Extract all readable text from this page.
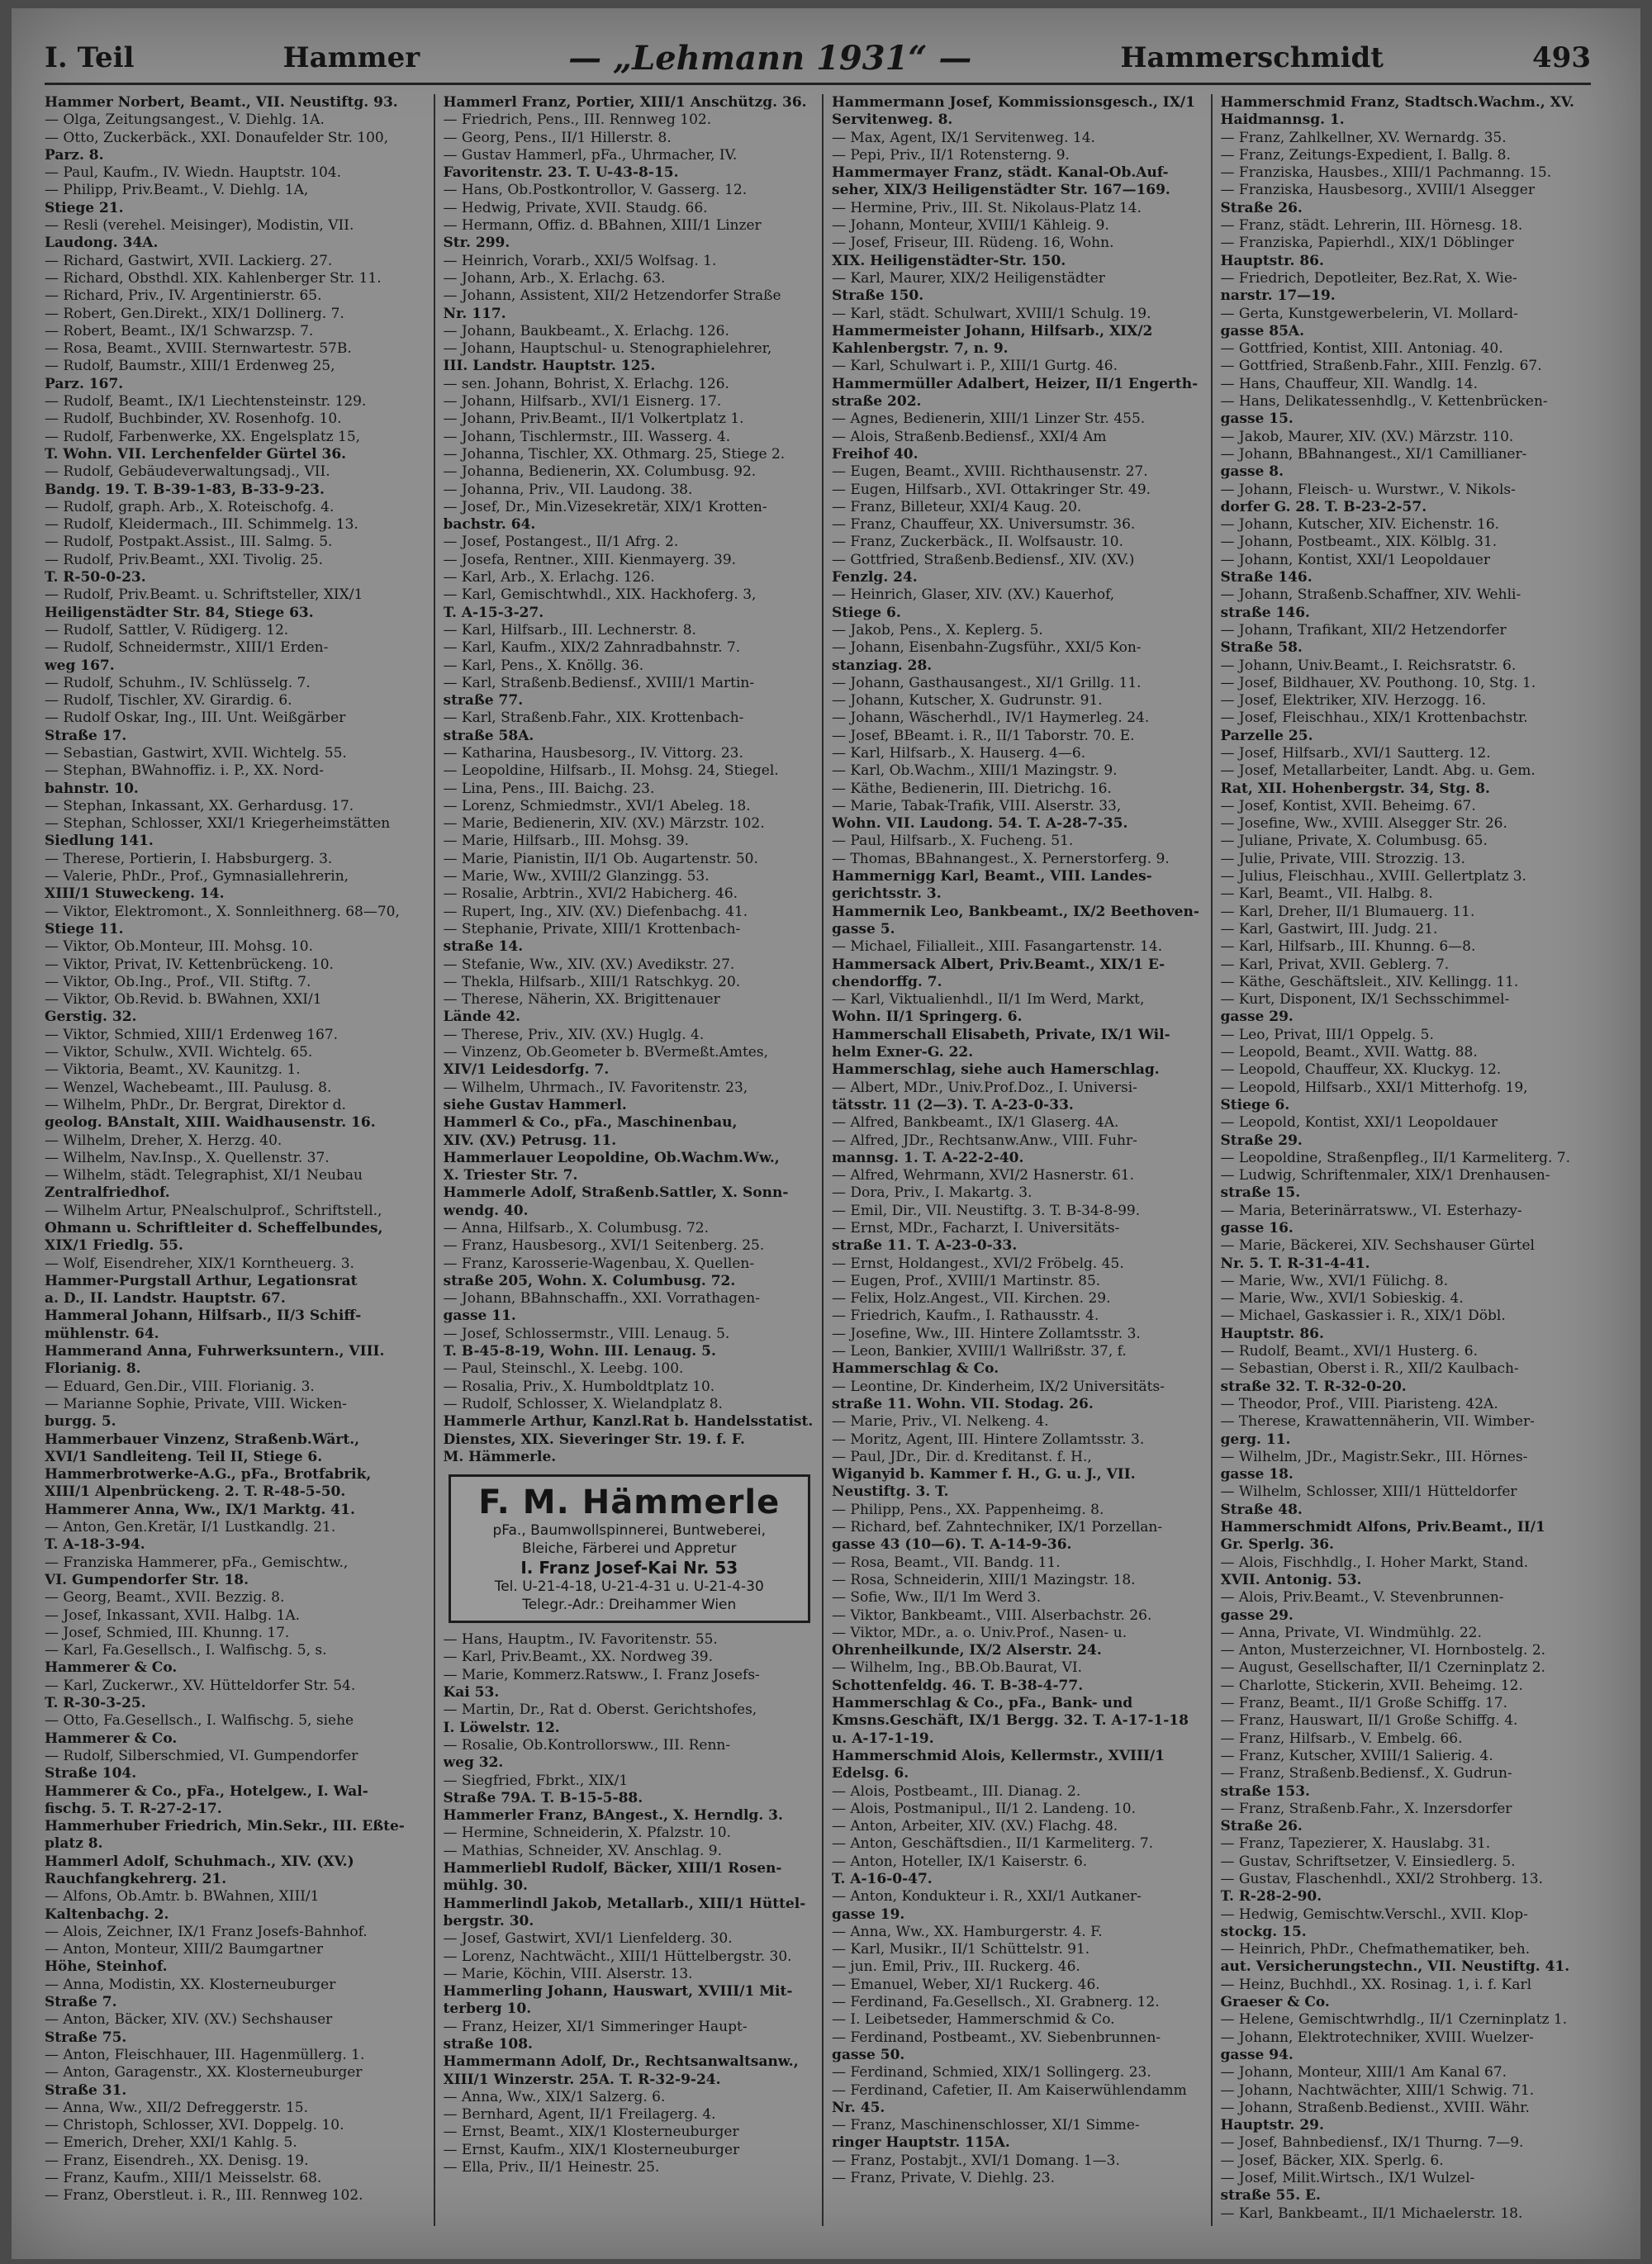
I. Teil	Hammer	— „Lehmann 1931“ —	Hammerschmidt	493
Hammer Norbert, Beamt., VII. Neustiftg. 93.
— Olga, Zeitungsangest., V. Diehlg. 1A.
— Otto, Zuckerbäck., XXI. Donaufelder Str. 100,
Parz. 8.
— Paul, Kaufm., IV. Wiedn. Hauptstr. 104.
— Philipp, Priv.Beamt., V. Diehlg. 1A,
Stiege 21.
— Resli (verehel. Meisinger), Modistin, VII.
Laudong. 34A.
— Richard, Gastwirt, XVII. Lackierg. 27.
— Richard, Obsthdl. XIX. Kahlenberger Str. 11.
— Richard, Priv., IV. Argentinierstr. 65.
— Robert, Gen.Direkt., XIX/1 Dollinerg. 7.
— Robert, Beamt., IX/1 Schwarzsp. 7.
— Rosa, Beamt., XVIII. Sternwartestr. 57B.
— Rudolf, Baumstr., XIII/1 Erdenweg 25,
Parz. 167.
— Rudolf, Beamt., IX/1 Liechtensteinstr. 129.
— Rudolf, Buchbinder, XV. Rosenhofg. 10.
— Rudolf, Farbenwerke, XX. Engelsplatz 15,
T. Wohn. VII. Lerchenfelder Gürtel 36.
— Rudolf, Gebäudeverwaltungsadj., VII.
Bandg. 19. T. B-39-1-83, B-33-9-23.
— Rudolf, graph. Arb., X. Roteischofg. 4.
— Rudolf, Kleidermach., III. Schimmelg. 13.
— Rudolf, Postpakt.Assist., III. Salmg. 5.
— Rudolf, Priv.Beamt., XXI. Tivolig. 25.
T. R-50-0-23.
— Rudolf, Priv.Beamt. u. Schriftsteller, XIX/1
Heiligenstädter Str. 84, Stiege 63.
— Rudolf, Sattler, V. Rüdigerg. 12.
— Rudolf, Schneidermstr., XIII/1 Erden-
weg 167.
— Rudolf, Schuhm., IV. Schlüsselg. 7.
— Rudolf, Tischler, XV. Girardig. 6.
— Rudolf Oskar, Ing., III. Unt. Weißgärber
Straße 17.
— Sebastian, Gastwirt, XVII. Wichtelg. 55.
— Stephan, BWahnoffiz. i. P., XX. Nord-
bahnstr. 10.
— Stephan, Inkassant, XX. Gerhardusg. 17.
— Stephan, Schlosser, XXI/1 Kriegerheimstätten
Siedlung 141.
— Therese, Portierin, I. Habsburgerg. 3.
— Valerie, PhDr., Prof., Gymnasiallehrerin,
XIII/1 Stuweckeng. 14.
— Viktor, Elektromont., X. Sonnleithnerg. 68—70,
Stiege 11.
— Viktor, Ob.Monteur, III. Mohsg. 10.
— Viktor, Privat, IV. Kettenbrückeng. 10.
— Viktor, Ob.Ing., Prof., VII. Stiftg. 7.
— Viktor, Ob.Revid. b. BWahnen, XXI/1
Gerstig. 32.
— Viktor, Schmied, XIII/1 Erdenweg 167.
— Viktor, Schulw., XVII. Wichtelg. 65.
— Viktoria, Beamt., XV. Kaunitzg. 1.
— Wenzel, Wachebeamt., III. Paulusg. 8.
— Wilhelm, PhDr., Dr. Bergrat, Direktor d.
geolog. BAnstalt, XIII. Waidhausenstr. 16.
— Wilhelm, Dreher, X. Herzg. 40.
— Wilhelm, Nav.Insp., X. Quellenstr. 37.
— Wilhelm, städt. Telegraphist, XI/1 Neubau
Zentralfriedhof.
— Wilhelm Artur, PNealschulprof., Schriftstell.,
Ohmann u. Schriftleiter d. Scheffelbundes,
XIX/1 Friedlg. 55.
— Wolf, Eisendreher, XIX/1 Korntheuerg. 3.
Hammer-Purgstall Arthur, Legationsrat
a. D., II. Landstr. Hauptstr. 67.
Hammeral Johann, Hilfsarb., II/3 Schiff-
mühlenstr. 64.
Hammerand Anna, Fuhrwerksuntern., VIII.
Florianig. 8.
— Eduard, Gen.Dir., VIII. Florianig. 3.
— Marianne Sophie, Private, VIII. Wicken-
burgg. 5.
Hammerbauer Vinzenz, Straßenb.Wärt.,
XVI/1 Sandleiteng. Teil II, Stiege 6.
Hammerbrotwerke-A.G., pFa., Brotfabrik,
XIII/1 Alpenbrückeng. 2. T. R-48-5-50.
Hammerer Anna, Ww., IX/1 Marktg. 41.
— Anton, Gen.Kretär, I/1 Lustkandlg. 21.
T. A-18-3-94.
— Franziska Hammerer, pFa., Gemischtw.,
VI. Gumpendorfer Str. 18.
— Georg, Beamt., XVII. Bezzig. 8.
— Josef, Inkassant, XVII. Halbg. 1A.
— Josef, Schmied, III. Khunng. 17.
— Karl, Fa.Gesellsch., I. Walfischg. 5, s.
Hammerer & Co.
— Karl, Zuckerwr., XV. Hütteldorfer Str. 54.
T. R-30-3-25.
— Otto, Fa.Gesellsch., I. Walfischg. 5, siehe
Hammerer & Co.
— Rudolf, Silberschmied, VI. Gumpendorfer
Straße 104.
Hammerer & Co., pFa., Hotelgew., I. Wal-
fischg. 5. T. R-27-2-17.
Hammerhuber Friedrich, Min.Sekr., III. Eßte-
platz 8.
Hammerl Adolf, Schuhmach., XIV. (XV.)
Rauchfangkehrerg. 21.
— Alfons, Ob.Amtr. b. BWahnen, XIII/1
Kaltenbachg. 2.
— Alois, Zeichner, IX/1 Franz Josefs-Bahnhof.
— Anton, Monteur, XIII/2 Baumgartner
Höhe, Steinhof.
— Anna, Modistin, XX. Klosterneuburger
Straße 7.
— Anton, Bäcker, XIV. (XV.) Sechshauser
Straße 75.
— Anton, Fleischhauer, III. Hagenmüllerg. 1.
— Anton, Garagenstr., XX. Klosterneuburger
Straße 31.
— Anna, Ww., XII/2 Defreggerstr. 15.
— Christoph, Schlosser, XVI. Doppelg. 10.
— Emerich, Dreher, XXI/1 Kahlg. 5.
— Franz, Eisendreh., XX. Denisg. 19.
— Franz, Kaufm., XIII/1 Meisselstr. 68.
— Franz, Oberstleut. i. R., III. Rennweg 102.
Hammerl Franz, Portier, XIII/1 Anschützg. 36.
— Friedrich, Pens., III. Rennweg 102.
— Georg, Pens., II/1 Hillerstr. 8.
— Gustav Hammerl, pFa., Uhrmacher, IV.
Favoritenstr. 23. T. U-43-8-15.
— Hans, Ob.Postkontrollor, V. Gasserg. 12.
— Hedwig, Private, XVII. Staudg. 66.
— Hermann, Offiz. d. BBahnen, XIII/1 Linzer
Str. 299.
— Heinrich, Vorarb., XXI/5 Wolfsag. 1.
— Johann, Arb., X. Erlachg. 63.
— Johann, Assistent, XII/2 Hetzendorfer Straße
Nr. 117.
— Johann, Baukbeamt., X. Erlachg. 126.
— Johann, Hauptschul- u. Stenographielehrer,
III. Landstr. Hauptstr. 125.
— sen. Johann, Bohrist, X. Erlachg. 126.
— Johann, Hilfsarb., XVI/1 Eisnerg. 17.
— Johann, Priv.Beamt., II/1 Volkertplatz 1.
— Johann, Tischlermstr., III. Wasserg. 4.
— Johanna, Tischler, XX. Othmarg. 25, Stiege 2.
— Johanna, Bedienerin, XX. Columbusg. 92.
— Johanna, Priv., VII. Laudong. 38.
— Josef, Dr., Min.Vizesekretär, XIX/1 Krotten-
bachstr. 64.
— Josef, Postangest., II/1 Afrg. 2.
— Josefa, Rentner., XIII. Kienmayerg. 39.
— Karl, Arb., X. Erlachg. 126.
— Karl, Gemischtwhdl., XIX. Hackhoferg. 3,
T. A-15-3-27.
— Karl, Hilfsarb., III. Lechnerstr. 8.
— Karl, Kaufm., XIX/2 Zahnradbahnstr. 7.
— Karl, Pens., X. Knöllg. 36.
— Karl, Straßenb.Bediensf., XVIII/1 Martin-
straße 77.
— Karl, Straßenb.Fahr., XIX. Krottenbach-
straße 58A.
— Katharina, Hausbesorg., IV. Vittorg. 23.
— Leopoldine, Hilfsarb., II. Mohsg. 24, Stiegel.
— Lina, Pens., III. Baichg. 23.
— Lorenz, Schmiedmstr., XVI/1 Abeleg. 18.
— Marie, Bedienerin, XIV. (XV.) Märzstr. 102.
— Marie, Hilfsarb., III. Mohsg. 39.
— Marie, Pianistin, II/1 Ob. Augartenstr. 50.
— Marie, Ww., XVIII/2 Glanzingg. 53.
— Rosalie, Arbtrin., XVI/2 Habicherg. 46.
— Rupert, Ing., XIV. (XV.) Diefenbachg. 41.
— Stephanie, Private, XIII/1 Krottenbach-
straße 14.
— Stefanie, Ww., XIV. (XV.) Avedikstr. 27.
— Thekla, Hilfsarb., XIII/1 Ratschkyg. 20.
— Therese, Näherin, XX. Brigittenauer
Lände 42.
— Therese, Priv., XIV. (XV.) Huglg. 4.
— Vinzenz, Ob.Geometer b. BVermeßt.Amtes,
XIV/1 Leidesdorfg. 7.
— Wilhelm, Uhrmach., IV. Favoritenstr. 23,
siehe Gustav Hammerl.
Hammerl & Co., pFa., Maschinenbau,
XIV. (XV.) Petrusg. 11.
Hammerlauer Leopoldine, Ob.Wachm.Ww.,
X. Triester Str. 7.
Hammerle Adolf, Straßenb.Sattler, X. Sonn-
wendg. 40.
— Anna, Hilfsarb., X. Columbusg. 72.
— Franz, Hausbesorg., XVI/1 Seitenberg. 25.
— Franz, Karosserie-Wagenbau, X. Quellen-
straße 205, Wohn. X. Columbusg. 72.
— Johann, BBahnschaffn., XXI. Vorrathagen-
gasse 11.
— Josef, Schlossermstr., VIII. Lenaug. 5.
T. B-45-8-19, Wohn. III. Lenaug. 5.
— Paul, Steinschl., X. Leebg. 100.
— Rosalia, Priv., X. Humboldtplatz 10.
— Rudolf, Schlosser, X. Wielandplatz 8.
Hammerle Arthur, Kanzl.Rat b. Handelsstatist.
Dienstes, XIX. Sieveringer Str. 19. f. F.
M. Hämmerle.
F. M. Hämmerle
pFa., Baumwollspinnerei, Buntweberei,
Bleiche, Färberei und Appretur
I. Franz Josef-Kai Nr. 53
Tel. U-21-4-18, U-21-4-31 u. U-21-4-30
Telegr.-Adr.: Dreihammer Wien
— Hans, Hauptm., IV. Favoritenstr. 55.
— Karl, Priv.Beamt., XX. Nordweg 39.
— Marie, Kommerz.Ratsww., I. Franz Josefs-
Kai 53.
— Martin, Dr., Rat d. Oberst. Gerichtshofes,
I. Löwelstr. 12.
— Rosalie, Ob.Kontrollorsww., III. Renn-
weg 32.
— Siegfried, Fbrkt., XIX/1
Straße 79A. T. B-15-5-88.
Hammerler Franz, BAngest., X. Herndlg. 3.
— Hermine, Schneiderin, X. Pfalzstr. 10.
— Mathias, Schneider, XV. Anschlag. 9.
Hammerliebl Rudolf, Bäcker, XIII/1 Rosen-
mühlg. 30.
Hammerlindl Jakob, Metallarb., XIII/1 Hüttel-
bergstr. 30.
— Josef, Gastwirt, XVI/1 Lienfelderg. 30.
— Lorenz, Nachtwächt., XIII/1 Hüttelbergstr. 30.
— Marie, Köchin, VIII. Alserstr. 13.
Hammerling Johann, Hauswart, XVIII/1 Mit-
terberg 10.
— Franz, Heizer, XI/1 Simmeringer Haupt-
straße 108.
Hammermann Adolf, Dr., Rechtsanwaltsanw.,
XIII/1 Winzerstr. 25A. T. R-32-9-24.
— Anna, Ww., XIX/1 Salzerg. 6.
— Bernhard, Agent, II/1 Freilagerg. 4.
— Ernst, Beamt., XIX/1 Klosterneuburger
— Ernst, Kaufm., XIX/1 Klosterneuburger
— Ella, Priv., II/1 Heinestr. 25.
Hammermann Josef, Kommissionsgesch., IX/1
Servitenweg. 8.
— Max, Agent, IX/1 Servitenweg. 14.
— Pepi, Priv., II/1 Rotensterng. 9.
Hammermayer Franz, städt. Kanal-Ob.Auf-
seher, XIX/3 Heiligenstädter Str. 167—169.
— Hermine, Priv., III. St. Nikolaus-Platz 14.
— Johann, Monteur, XVIII/1 Kähleig. 9.
— Josef, Friseur, III. Rüdeng. 16, Wohn.
XIX. Heiligenstädter-Str. 150.
— Karl, Maurer, XIX/2 Heiligenstädter
Straße 150.
— Karl, städt. Schulwart, XVIII/1 Schulg. 19.
Hammermeister Johann, Hilfsarb., XIX/2
Kahlenbergstr. 7, n. 9.
— Karl, Schulwart i. P., XIII/1 Gurtg. 46.
Hammermüller Adalbert, Heizer, II/1 Engerth-
straße 202.
— Agnes, Bedienerin, XIII/1 Linzer Str. 455.
— Alois, Straßenb.Bediensf., XXI/4 Am
Freihof 40.
— Eugen, Beamt., XVIII. Richthausenstr. 27.
— Eugen, Hilfsarb., XVI. Ottakringer Str. 49.
— Franz, Billeteur, XXI/4 Kaug. 20.
— Franz, Chauffeur, XX. Universumstr. 36.
— Franz, Zuckerbäck., II. Wolfsaustr. 10.
— Gottfried, Straßenb.Bediensf., XIV. (XV.)
Fenzlg. 24.
— Heinrich, Glaser, XIV. (XV.) Kauerhof,
Stiege 6.
— Jakob, Pens., X. Keplerg. 5.
— Johann, Eisenbahn-Zugsführ., XXI/5 Kon-
stanziag. 28.
— Johann, Gasthausangest., XI/1 Grillg. 11.
— Johann, Kutscher, X. Gudrunstr. 91.
— Johann, Wäscherhdl., IV/1 Haymerleg. 24.
— Josef, BBeamt. i. R., II/1 Taborstr. 70. E.
— Karl, Hilfsarb., X. Hauserg. 4—6.
— Karl, Ob.Wachm., XIII/1 Mazingstr. 9.
— Käthe, Bedienerin, III. Dietrichg. 16.
— Marie, Tabak-Trafik, VIII. Alserstr. 33,
Wohn. VII. Laudong. 54. T. A-28-7-35.
— Paul, Hilfsarb., X. Fucheng. 51.
— Thomas, BBahnangest., X. Pernerstorferg. 9.
Hammernigg Karl, Beamt., VIII. Landes-
gerichtsstr. 3.
Hammernik Leo, Bankbeamt., IX/2 Beethoven-
gasse 5.
— Michael, Filialleit., XIII. Fasangartenstr. 14.
Hammersack Albert, Priv.Beamt., XIX/1 E-
chendorffg. 7.
— Karl, Viktualienhdl., II/1 Im Werd, Markt,
Wohn. II/1 Springerg. 6.
Hammerschall Elisabeth, Private, IX/1 Wil-
helm Exner-G. 22.
Hammerschlag, siehe auch Hamerschlag.
— Albert, MDr., Univ.Prof.Doz., I. Universi-
tätsstr. 11 (2—3). T. A-23-0-33.
— Alfred, Bankbeamt., IX/1 Glaserg. 4A.
— Alfred, JDr., Rechtsanw.Anw., VIII. Fuhr-
mannsg. 1. T. A-22-2-40.
— Alfred, Wehrmann, XVI/2 Hasnerstr. 61.
— Dora, Priv., I. Makartg. 3.
— Emil, Dir., VII. Neustiftg. 3. T. B-34-8-99.
— Ernst, MDr., Facharzt, I. Universitäts-
straße 11. T. A-23-0-33.
— Ernst, Holdangest., XVI/2 Fröbelg. 45.
— Eugen, Prof., XVIII/1 Martinstr. 85.
— Felix, Holz.Angest., VII. Kirchen. 29.
— Friedrich, Kaufm., I. Rathausstr. 4.
— Josefine, Ww., III. Hintere Zollamtsstr. 3.
— Leon, Bankier, XVIII/1 Wallrißstr. 37, f.
Hammerschlag & Co.
— Leontine, Dr. Kinderheim, IX/2 Universitäts-
straße 11. Wohn. VII. Stodag. 26.
— Marie, Priv., VI. Nelkeng. 4.
— Moritz, Agent, III. Hintere Zollamtsstr. 3.
— Paul, JDr., Dir. d. Kreditanst. f. H.,
Wiganyid b. Kammer f. H., G. u. J., VII.
Neustiftg. 3. T.
— Philipp, Pens., XX. Pappenheimg. 8.
— Richard, bef. Zahntechniker, IX/1 Porzellan-
gasse 43 (10—6). T. A-14-9-36.
— Rosa, Beamt., VII. Bandg. 11.
— Rosa, Schneiderin, XIII/1 Mazingstr. 18.
— Sofie, Ww., II/1 Im Werd 3.
— Viktor, Bankbeamt., VIII. Alserbachstr. 26.
— Viktor, MDr., a. o. Univ.Prof., Nasen- u.
Ohrenheilkunde, IX/2 Alserstr. 24.
— Wilhelm, Ing., BB.Ob.Baurat, VI.
Schottenfeldg. 46. T. B-38-4-77.
Hammerschlag & Co., pFa., Bank- und
Kmsns.Geschäft, IX/1 Bergg. 32. T. A-17-1-18
u. A-17-1-19.
Hammerschmid Alois, Kellermstr., XVIII/1
Edelsg. 6.
— Alois, Postbeamt., III. Dianag. 2.
— Alois, Postmanipul., II/1 2. Landeng. 10.
— Anton, Arbeiter, XIV. (XV.) Flachg. 48.
— Anton, Geschäftsdien., II/1 Karmeliterg. 7.
— Anton, Hoteller, IX/1 Kaiserstr. 6.
T. A-16-0-47.
— Anton, Kondukteur i. R., XXI/1 Autkaner-
gasse 19.
— Anna, Ww., XX. Hamburgerstr. 4. F.
— Karl, Musikr., II/1 Schüttelstr. 91.
— jun. Emil, Priv., III. Ruckerg. 46.
— Emanuel, Weber, XI/1 Ruckerg. 46.
— Ferdinand, Fa.Gesellsch., XI. Grabnerg. 12.
— I. Leibetseder, Hammerschmid & Co.
— Ferdinand, Postbeamt., XV. Siebenbrunnen-
gasse 50.
— Ferdinand, Schmied, XIX/1 Sollingerg. 23.
— Ferdinand, Cafetier, II. Am Kaiserwühlendamm
Nr. 45.
— Franz, Maschinenschlosser, XI/1 Simme-
ringer Hauptstr. 115A.
— Franz, Postabjt., XVI/1 Domang. 1—3.
— Franz, Private, V. Diehlg. 23.
Hammerschmid Franz, Stadtsch.Wachm., XV.
Haidmannsg. 1.
— Franz, Zahlkellner, XV. Wernardg. 35.
— Franz, Zeitungs-Expedient, I. Ballg. 8.
— Franziska, Hausbes., XIII/1 Pachmanng. 15.
— Franziska, Hausbesorg., XVIII/1 Alsegger
Straße 26.
— Franz, städt. Lehrerin, III. Hörnesg. 18.
— Franziska, Papierhdl., XIX/1 Döblinger
Hauptstr. 86.
— Friedrich, Depotleiter, Bez.Rat, X. Wie-
narstr. 17—19.
— Gerta, Kunstgewerbelerin, VI. Mollard-
gasse 85A.
— Gottfried, Kontist, XIII. Antoniag. 40.
— Gottfried, Straßenb.Fahr., XIII. Fenzlg. 67.
— Hans, Chauffeur, XII. Wandlg. 14.
— Hans, Delikatessenhdlg., V. Kettenbrücken-
gasse 15.
— Jakob, Maurer, XIV. (XV.) Märzstr. 110.
— Johann, BBahnangest., XI/1 Camillianer-
gasse 8.
— Johann, Fleisch- u. Wurstwr., V. Nikols-
dorfer G. 28. T. B-23-2-57.
— Johann, Kutscher, XIV. Eichenstr. 16.
— Johann, Postbeamt., XIX. Kölblg. 31.
— Johann, Kontist, XXI/1 Leopoldauer
Straße 146.
— Johann, Straßenb.Schaffner, XIV. Wehli-
straße 146.
— Johann, Trafikant, XII/2 Hetzendorfer
Straße 58.
— Johann, Univ.Beamt., I. Reichsratstr. 6.
— Josef, Bildhauer, XV. Pouthong. 10, Stg. 1.
— Josef, Elektriker, XIV. Herzogg. 16.
— Josef, Fleischhau., XIX/1 Krottenbachstr.
Parzelle 25.
— Josef, Hilfsarb., XVI/1 Sautterg. 12.
— Josef, Metallarbeiter, Landt. Abg. u. Gem.
Rat, XII. Hohenbergstr. 34, Stg. 8.
— Josef, Kontist, XVII. Beheimg. 67.
— Josefine, Ww., XVIII. Alsegger Str. 26.
— Juliane, Private, X. Columbusg. 65.
— Julie, Private, VIII. Strozzig. 13.
— Julius, Fleischhau., XVIII. Gellertplatz 3.
— Karl, Beamt., VII. Halbg. 8.
— Karl, Dreher, II/1 Blumauerg. 11.
— Karl, Gastwirt, III. Judg. 21.
— Karl, Hilfsarb., III. Khunng. 6—8.
— Karl, Privat, XVII. Geblerg. 7.
— Käthe, Geschäftsleit., XIV. Kellingg. 11.
— Kurt, Disponent, IX/1 Sechsschimmel-
gasse 29.
— Leo, Privat, III/1 Oppelg. 5.
— Leopold, Beamt., XVII. Wattg. 88.
— Leopold, Chauffeur, XX. Kluckyg. 12.
— Leopold, Hilfsarb., XXI/1 Mitterhofg. 19,
Stiege 6.
— Leopold, Kontist, XXI/1 Leopoldauer
Straße 29.
— Leopoldine, Straßenpfleg., II/1 Karmeliterg. 7.
— Ludwig, Schriftenmaler, XIX/1 Drenhausen-
straße 15.
— Maria, Beterinärratsww., VI. Esterhazy-
gasse 16.
— Marie, Bäckerei, XIV. Sechshauser Gürtel
Nr. 5. T. R-31-4-41.
— Marie, Ww., XVI/1 Fülichg. 8.
— Marie, Ww., XVI/1 Sobieskig. 4.
— Michael, Gaskassier i. R., XIX/1 Döbl.
Hauptstr. 86.
— Rudolf, Beamt., XVI/1 Husterg. 6.
— Sebastian, Oberst i. R., XII/2 Kaulbach-
straße 32. T. R-32-0-20.
— Theodor, Prof., VIII. Piaristeng. 42A.
— Therese, Krawattennäherin, VII. Wimber-
gerg. 11.
— Wilhelm, JDr., Magistr.Sekr., III. Hörnes-
gasse 18.
— Wilhelm, Schlosser, XIII/1 Hütteldorfer
Straße 48.
Hammerschmidt Alfons, Priv.Beamt., II/1
Gr. Sperlg. 36.
— Alois, Fischhdlg., I. Hoher Markt, Stand.
XVII. Antonig. 53.
— Alois, Priv.Beamt., V. Stevenbrunnen-
gasse 29.
— Anna, Private, VI. Windmühlg. 22.
— Anton, Musterzeichner, VI. Hornbostelg. 2.
— August, Gesellschafter, II/1 Czerninplatz 2.
— Charlotte, Stickerin, XVII. Beheimg. 12.
— Franz, Beamt., II/1 Große Schiffg. 17.
— Franz, Hauswart, II/1 Große Schiffg. 4.
— Franz, Hilfsarb., V. Embelg. 66.
— Franz, Kutscher, XVIII/1 Salierig. 4.
— Franz, Straßenb.Bediensf., X. Gudrun-
straße 153.
— Franz, Straßenb.Fahr., X. Inzersdorfer
Straße 26.
— Franz, Tapezierer, X. Hauslabg. 31.
— Gustav, Schriftsetzer, V. Einsiedlerg. 5.
— Gustav, Flaschenhdl., XXI/2 Strohberg. 13.
T. R-28-2-90.
— Hedwig, Gemischtw.Verschl., XVII. Klop-
stockg. 15.
— Heinrich, PhDr., Chefmathematiker, beh.
aut. Versicherungstechn., VII. Neustiftg. 41.
— Heinz, Buchhdl., XX. Rosinag. 1, i. f. Karl
Graeser & Co.
— Helene, Gemischtwrhdlg., II/1 Czerninplatz 1.
— Johann, Elektrotechniker, XVIII. Wuelzer-
gasse 94.
— Johann, Monteur, XIII/1 Am Kanal 67.
— Johann, Nachtwächter, XIII/1 Schwig. 71.
— Johann, Straßenb.Bedienst., XVIII. Währ.
Hauptstr. 29.
— Josef, Bahnbediensf., IX/1 Thurng. 7—9.
— Josef, Bäcker, XIX. Sperlg. 6.
— Josef, Milit.Wirtsch., IX/1 Wulzel-
straße 55. E.
— Karl, Bankbeamt., II/1 Michaelerstr. 18.
